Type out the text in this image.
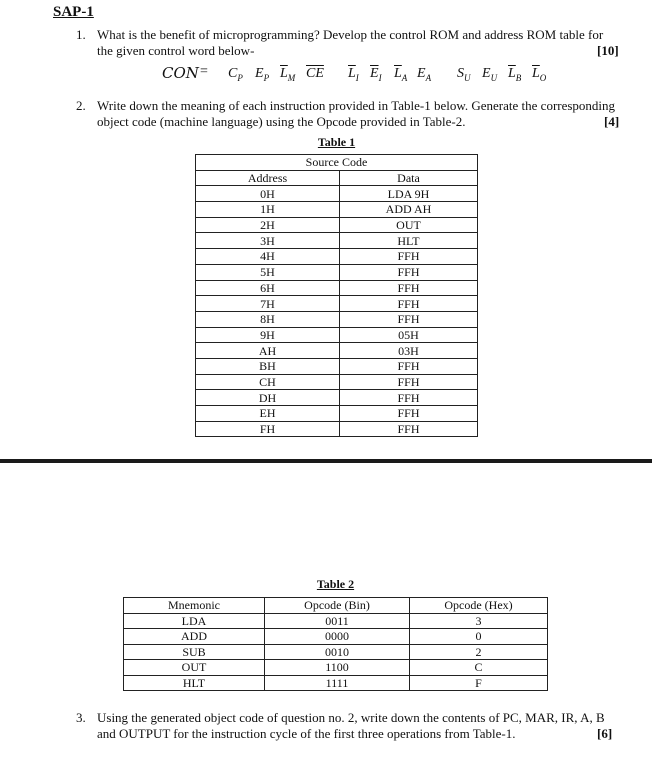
SAP-1
1. What is the benefit of microprogramming? Develop the control ROM and address ROM table for
the given control word below-	[10]
CON = $C_P$ $E_P$ $\overline{L}_M$ $\overline{CE}$ $\overline{L}_I$ $\overline{E}_I$ $\overline{L}_A$ $E_A$ $S_U$ $E_U$ $\overline{L}_B$ $\overline{L}_O$
2. Write down the meaning of each instruction provided in Table-1 below. Generate the corresponding
object code (machine language) using the Opcode provided in Table-2.	[4]
Table 1
Source Code	
Address	Data
0H	LDA 9H
1H	ADD AH
2H	OUT
3H	HLT
4H	FFH
5H	FFH
6H	FFH
7H	FFH
8H	FFH
9H	05H
AH	03H
BH	FFH
CH	FFH
DH	FFH
EH	FFH
FH	FFH
Table 2
Mnemonic	Opcode (Bin)	Opcode (Hex)
LDA	0011	3
ADD	0000	0
SUB	0010	2
OUT	1100	C
HLT	1111	F
3. Using the generated object code of question no. 2, write down the contents of PC, MAR, IR, A, B
and OUTPUT for the instruction cycle of the first three operations from Table-1.	[6]
